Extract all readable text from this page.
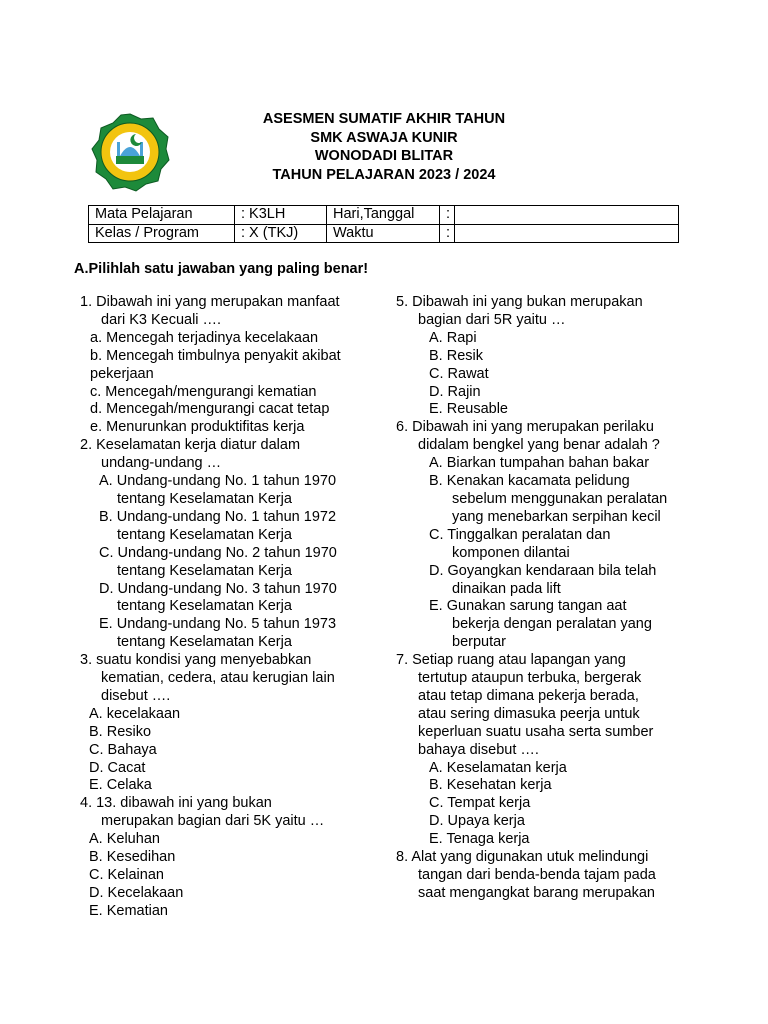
ASESMEN SUMATIF AKHIR TAHUN
SMK ASWAJA KUNIR
WONODADI BLITAR
TAHUN PELAJARAN 2023 / 2024
Mata Pelajaran	: K3LH	Hari,Tanggal	:	
Kelas / Program	: X (TKJ)	Waktu	:	
A.Pilihlah satu jawaban yang paling benar!
1. Dibawah ini yang merupakan manfaat
dari K3 Kecuali ….
a. Mencegah terjadinya kecelakaan
b. Mencegah timbulnya penyakit akibat
pekerjaan
c. Mencegah/mengurangi kematian
d. Mencegah/mengurangi cacat tetap
e. Menurunkan produktifitas kerja
2. Keselamatan kerja diatur dalam
undang-undang …
A. Undang-undang No. 1 tahun 1970
tentang Keselamatan Kerja
B. Undang-undang No. 1 tahun 1972
tentang Keselamatan Kerja
C. Undang-undang No. 2 tahun 1970
tentang Keselamatan Kerja
D. Undang-undang No. 3 tahun 1970
tentang Keselamatan Kerja
E. Undang-undang No. 5 tahun 1973
tentang Keselamatan Kerja
3. suatu kondisi yang menyebabkan
kematian, cedera, atau kerugian lain
disebut ….
A. kecelakaan
B. Resiko
C. Bahaya
D. Cacat
E. Celaka
4. 13. dibawah ini yang bukan
merupakan bagian dari 5K yaitu …
A. Keluhan
B. Kesedihan
C. Kelainan
D. Kecelakaan
E. Kematian
5. Dibawah ini yang bukan merupakan
bagian dari 5R yaitu …
A. Rapi
B. Resik
C. Rawat
D. Rajin
E. Reusable
6. Dibawah ini yang merupakan perilaku
didalam bengkel yang benar adalah ?
A. Biarkan tumpahan bahan bakar
B. Kenakan kacamata pelidung
sebelum menggunakan peralatan
yang menebarkan serpihan kecil
C. Tinggalkan peralatan dan
komponen dilantai
D. Goyangkan kendaraan bila telah
dinaikan pada lift
E. Gunakan sarung tangan aat
bekerja dengan peralatan yang
berputar
7. Setiap ruang atau lapangan yang
tertutup ataupun terbuka, bergerak
atau tetap dimana pekerja berada,
atau sering dimasuka peerja untuk
keperluan suatu usaha serta sumber
bahaya disebut ….
A. Keselamatan kerja
B. Kesehatan kerja
C. Tempat kerja
D. Upaya kerja
E. Tenaga kerja
8. Alat yang digunakan utuk melindungi
tangan dari benda-benda tajam pada
saat mengangkat barang merupakan
